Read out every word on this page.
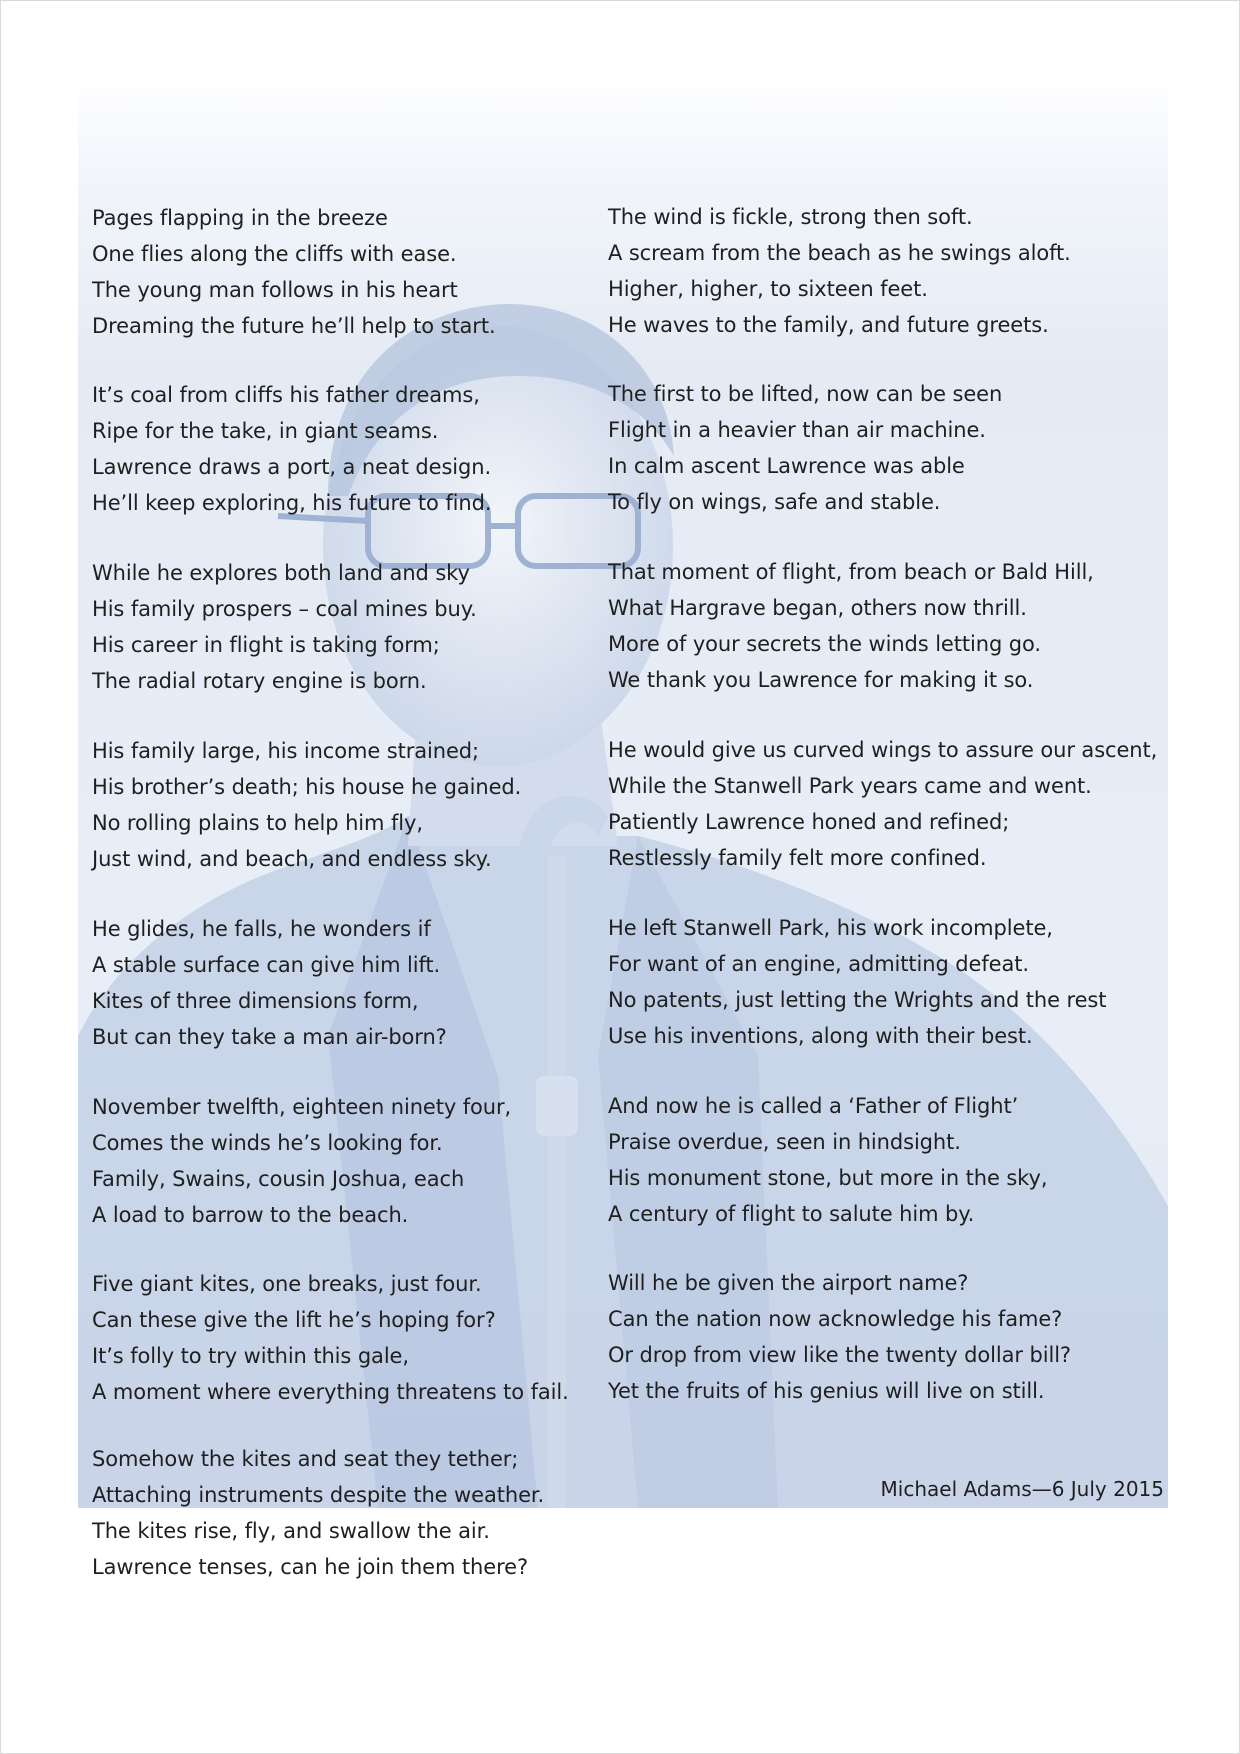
Pages flapping in the breeze
One flies along the cliffs with ease.
The young man follows in his heart
Dreaming the future he’ll help to start.
It’s coal from cliffs his father dreams,
Ripe for the take, in giant seams.
Lawrence draws a port, a neat design.
He’ll keep exploring, his future to find.
While he explores both land and sky
His family prospers – coal mines buy.
His career in flight is taking form;
The radial rotary engine is born.
His family large, his income strained;
His brother’s death; his house he gained.
No rolling plains to help him fly,
Just wind, and beach, and endless sky.
He glides, he falls, he wonders if
A stable surface can give him lift.
Kites of three dimensions form,
But can they take a man air-born?
November twelfth, eighteen ninety four,
Comes the winds he’s looking for.
Family, Swains, cousin Joshua, each
A load to barrow to the beach.
Five giant kites, one breaks, just four.
Can these give the lift he’s hoping for?
It’s folly to try within this gale,
A moment where everything threatens to fail.
Somehow the kites and seat they tether;
Attaching instruments despite the weather.
The kites rise, fly, and swallow the air.
Lawrence tenses, can he join them there?
The wind is fickle, strong then soft.
A scream from the beach as he swings aloft.
Higher, higher, to sixteen feet.
He waves to the family, and future greets.
The first to be lifted, now can be seen
Flight in a heavier than air machine.
In calm ascent Lawrence was able
To fly on wings, safe and stable.
That moment of flight, from beach or Bald Hill,
What Hargrave began, others now thrill.
More of your secrets the winds letting go.
We thank you Lawrence for making it so.
He would give us curved wings to assure our ascent,
While the Stanwell Park years came and went.
Patiently Lawrence honed and refined;
Restlessly family felt more confined.
He left Stanwell Park, his work incomplete,
For want of an engine, admitting defeat.
No patents, just letting the Wrights and the rest
Use his inventions, along with their best.
And now he is called a ‘Father of Flight’
Praise overdue, seen in hindsight.
His monument stone, but more in the sky,
A century of flight to salute him by.
Will he be given the airport name?
Can the nation now acknowledge his fame?
Or drop from view like the twenty dollar bill?
Yet the fruits of his genius will live on still.
Michael Adams—6 July 2015
